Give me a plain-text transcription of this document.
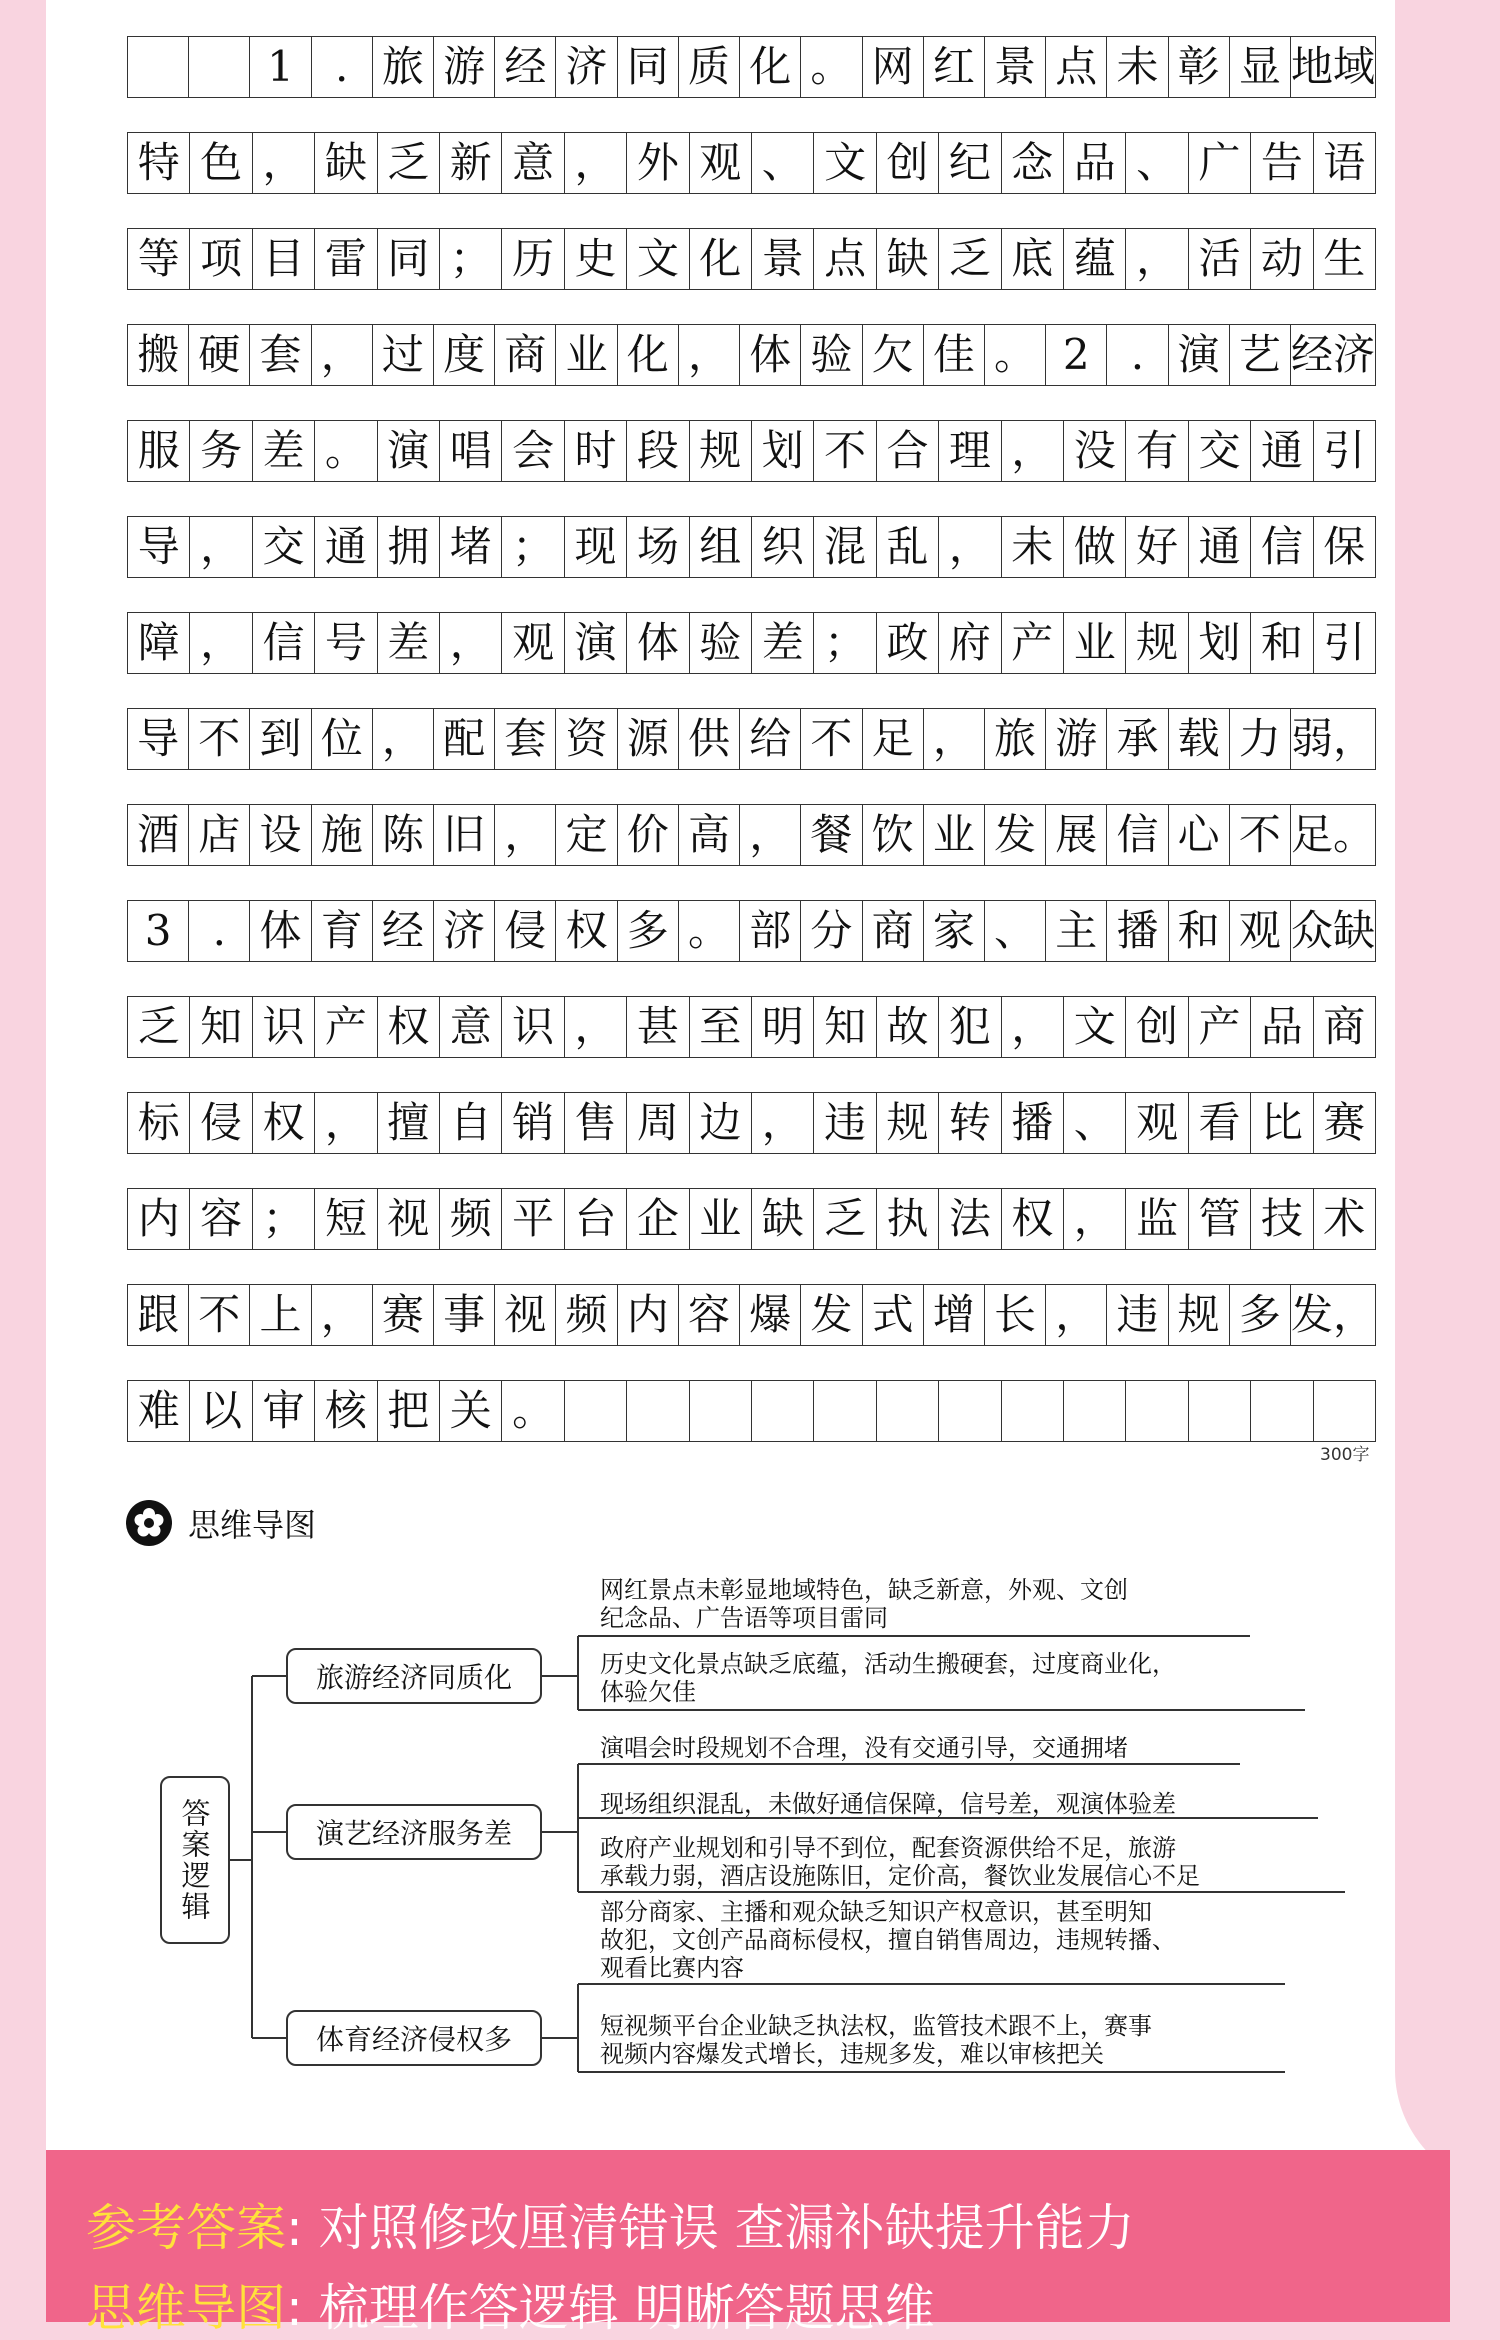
1 . 旅 游 经 济 同 质 化 。 网 红 景 点 未 彰 显 地域
特 色 ， 缺 乏 新 意 ， 外 观 、 文 创 纪 念 品 、 广 告 语
等 项 目 雷 同 ； 历 史 文 化 景 点 缺 乏 底 蕴 ， 活 动 生
搬 硬 套 ， 过 度 商 业 化 ， 体 验 欠 佳 。 2 . 演 艺 经济
服 务 差 。 演 唱 会 时 段 规 划 不 合 理 ， 没 有 交 通 引
导 ， 交 通 拥 堵 ； 现 场 组 织 混 乱 ， 未 做 好 通 信 保
障 ， 信 号 差 ， 观 演 体 验 差 ； 政 府 产 业 规 划 和 引
导 不 到 位 ， 配 套 资 源 供 给 不 足 ， 旅 游 承 载 力 弱，
酒 店 设 施 陈 旧 ， 定 价 高 ， 餐 饮 业 发 展 信 心 不 足。
3 . 体 育 经 济 侵 权 多 。 部 分 商 家 、 主 播 和 观 众缺
乏 知 识 产 权 意 识 ， 甚 至 明 知 故 犯 ， 文 创 产 品 商
标 侵 权 ， 擅 自 销 售 周 边 ， 违 规 转 播 、 观 看 比 赛
内 容 ； 短 视 频 平 台 企 业 缺 乏 执 法 权 ， 监 管 技 术
跟 不 上 ， 赛 事 视 频 内 容 爆 发 式 增 长 ， 违 规 多 发，
难 以 审 核 把 关 。
300字
思维导图
答案逻辑
旅游经济同质化
演艺经济服务差
体育经济侵权多
网红景点未彰显地域特色，缺乏新意，外观、文创
纪念品、广告语等项目雷同
历史文化景点缺乏底蕴，活动生搬硬套，过度商业化，
体验欠佳
演唱会时段规划不合理，没有交通引导，交通拥堵
现场组织混乱，未做好通信保障，信号差，观演体验差
政府产业规划和引导不到位，配套资源供给不足，旅游
承载力弱，酒店设施陈旧，定价高，餐饮业发展信心不足
部分商家、主播和观众缺乏知识产权意识，甚至明知
故犯，文创产品商标侵权，擅自销售周边，违规转播、
观看比赛内容
短视频平台企业缺乏执法权，监管技术跟不上，赛事
视频内容爆发式增长，违规多发，难以审核把关
参考答案: 对照修改厘清错误 查漏补缺提升能力
思维导图: 梳理作答逻辑 明晰答题思维
